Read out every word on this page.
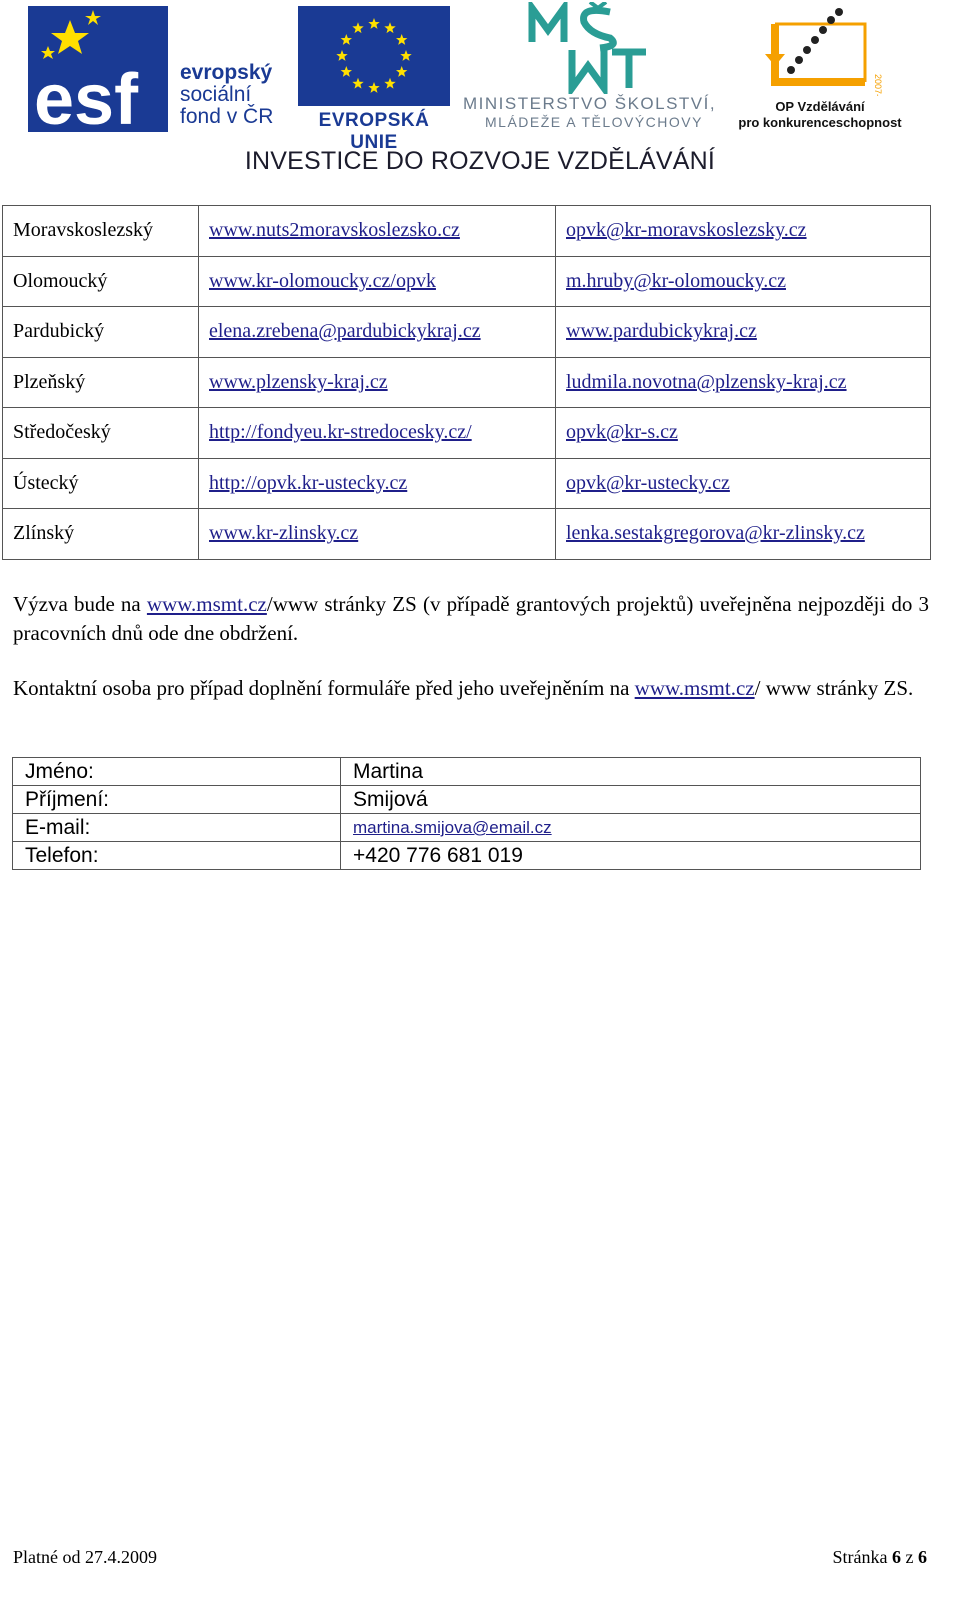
esf evropský
sociální
fond v ČR	EVROPSKÁ UNIE
MINISTERSTVO ŠKOLSTVÍ,
MLÁDEŽE A TĚLOVÝCHOVY
2007-13
OP Vzdělávání
pro konkurenceschopnost
INVESTICE DO ROZVOJE VZDĚLÁVÁNÍ
Moravskoslezský	www.nuts2moravskoslezsko.cz	opvk@kr-moravskoslezsky.cz
Olomoucký	www.kr-olomoucky.cz/opvk	m.hruby@kr-olomoucky.cz
Pardubický	elena.zrebena@pardubickykraj.cz	www.pardubickykraj.cz
Plzeňský	www.plzensky-kraj.cz	ludmila.novotna@plzensky-kraj.cz
Středočeský	http://fondyeu.kr-stredocesky.cz/	opvk@kr-s.cz
Ústecký	http://opvk.kr-ustecky.cz	opvk@kr-ustecky.cz
Zlínský	www.kr-zlinsky.cz	lenka.sestakgregorova@kr-zlinsky.cz
Výzva bude na www.msmt.cz/www stránky ZS (v případě grantových projektů) uveřejněna nejpozději do 3 pracovních dnů ode dne obdržení.
Kontaktní osoba pro případ doplnění formuláře před jeho uveřejněním na www.msmt.cz/ www stránky ZS.
Jméno:	Martina
Příjmení:	Smijová
E-mail:	martina.smijova@email.cz
Telefon:	+420 776 681 019
Platné od 27.4.2009	Stránka 6 z 6
